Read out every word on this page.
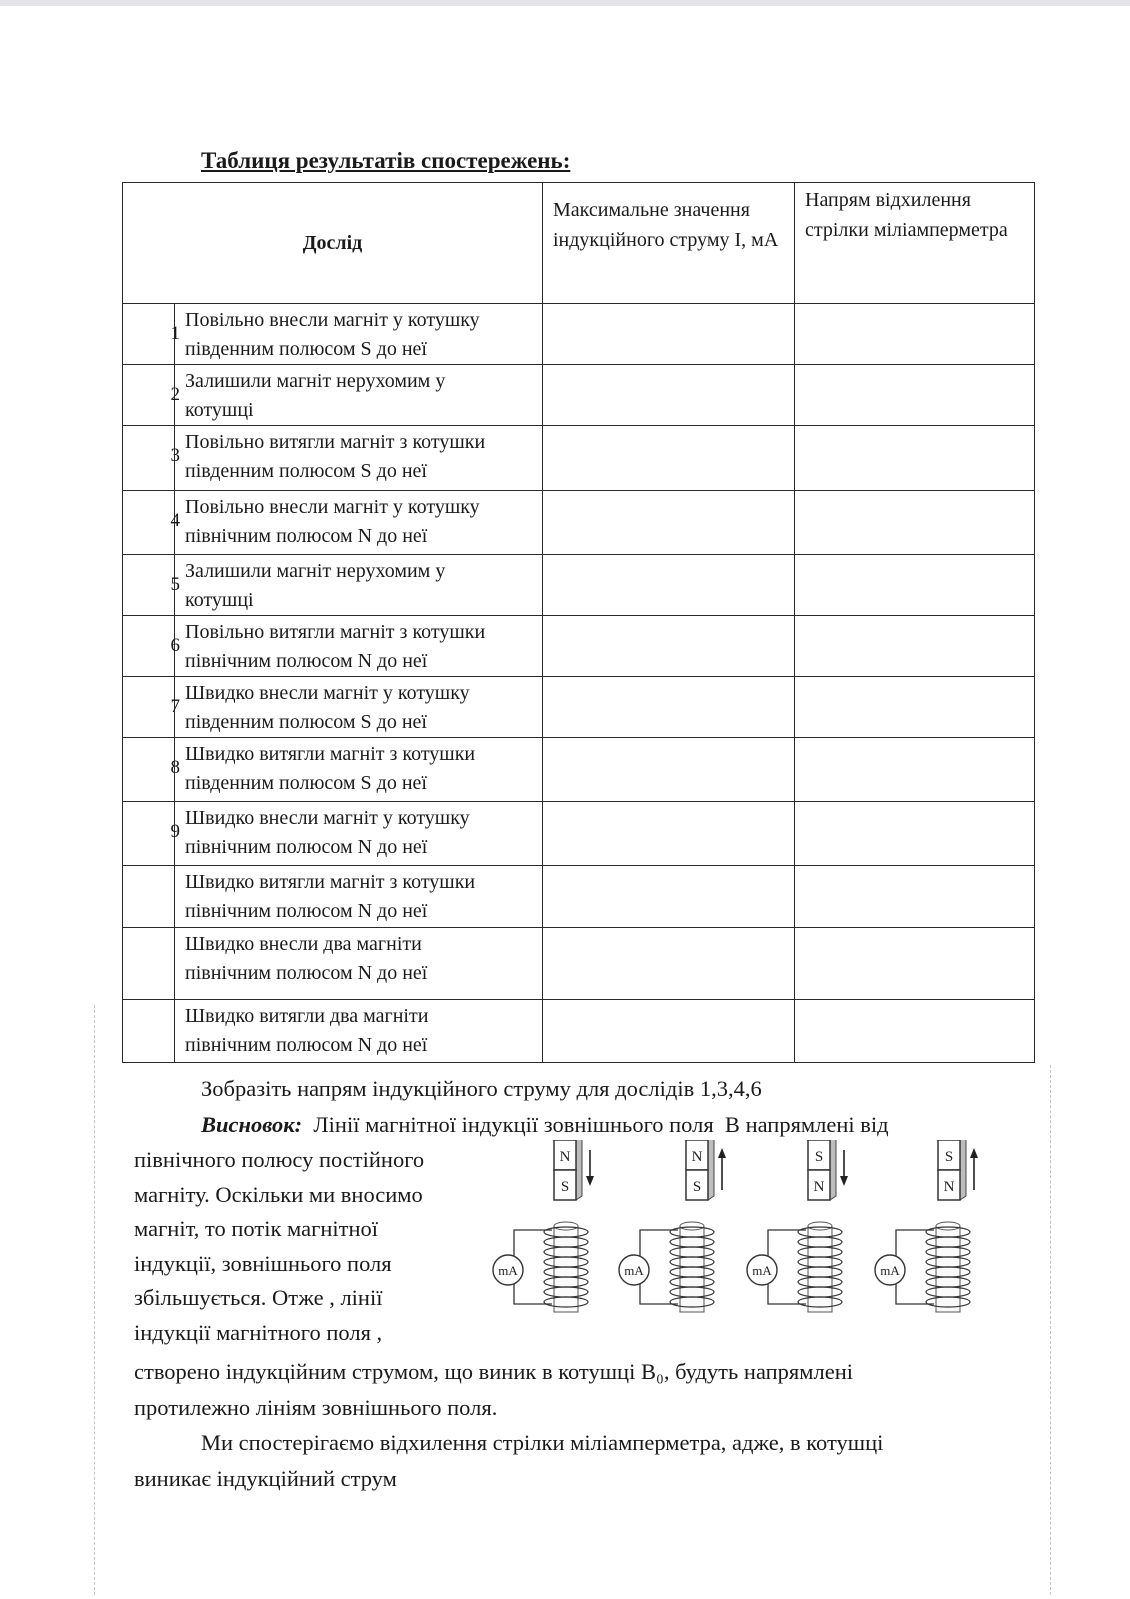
Таблиця результатів спостережень:
Дослід		Максимальне значення індукційного струму I, мА	Напрям відхилення стрілки міліамперметра

1	Повільно внесли магніт у котушку
південним полюсом S до неї		

2	Залишили магніт нерухомим у
котушці		

3	Повільно витягли магніт з котушки
південним полюсом S до неї		

4	Повільно внесли магніт у котушку
північним полюсом N до неї		

5	Залишили магніт нерухомим у
котушці		

6	Повільно витягли магніт з котушки
північним полюсом N до неї		

7	Швидко внесли магніт у котушку
південним полюсом S до неї		

8	Швидко витягли магніт з котушки
південним полюсом S до неї		

9	Швидко внесли магніт у котушку
північним полюсом N до неї		

	Швидко витягли магніт з котушки
північним полюсом N до неї		

	Швидко внесли два магніти
північним полюсом N до неї		

	Швидко витягли два магніти
північним полюсом N до неї		

Зобразіть напрям індукційного струму для дослідів 1,3,4,6
Висновок:  Лінії магнітної індукції зовнішнього поля  B напрямлені від
північного полюсу постійного
магніту. Оскільки ми вносимо
магніт, то потік магнітної
індукції, зовнішнього поля
збільшується. Отже , лінії
індукції магнітного поля ,
створено індукційним струмом, що виник в котушці B₀, будуть напрямлені
протилежно лініям зовнішнього поля.
Ми спостерігаємо відхилення стрілки міліамперметра, адже, в котушці
виникає індукційний струм
N
S
N
S
S
N
S
N
mA	mA	mA	mA
